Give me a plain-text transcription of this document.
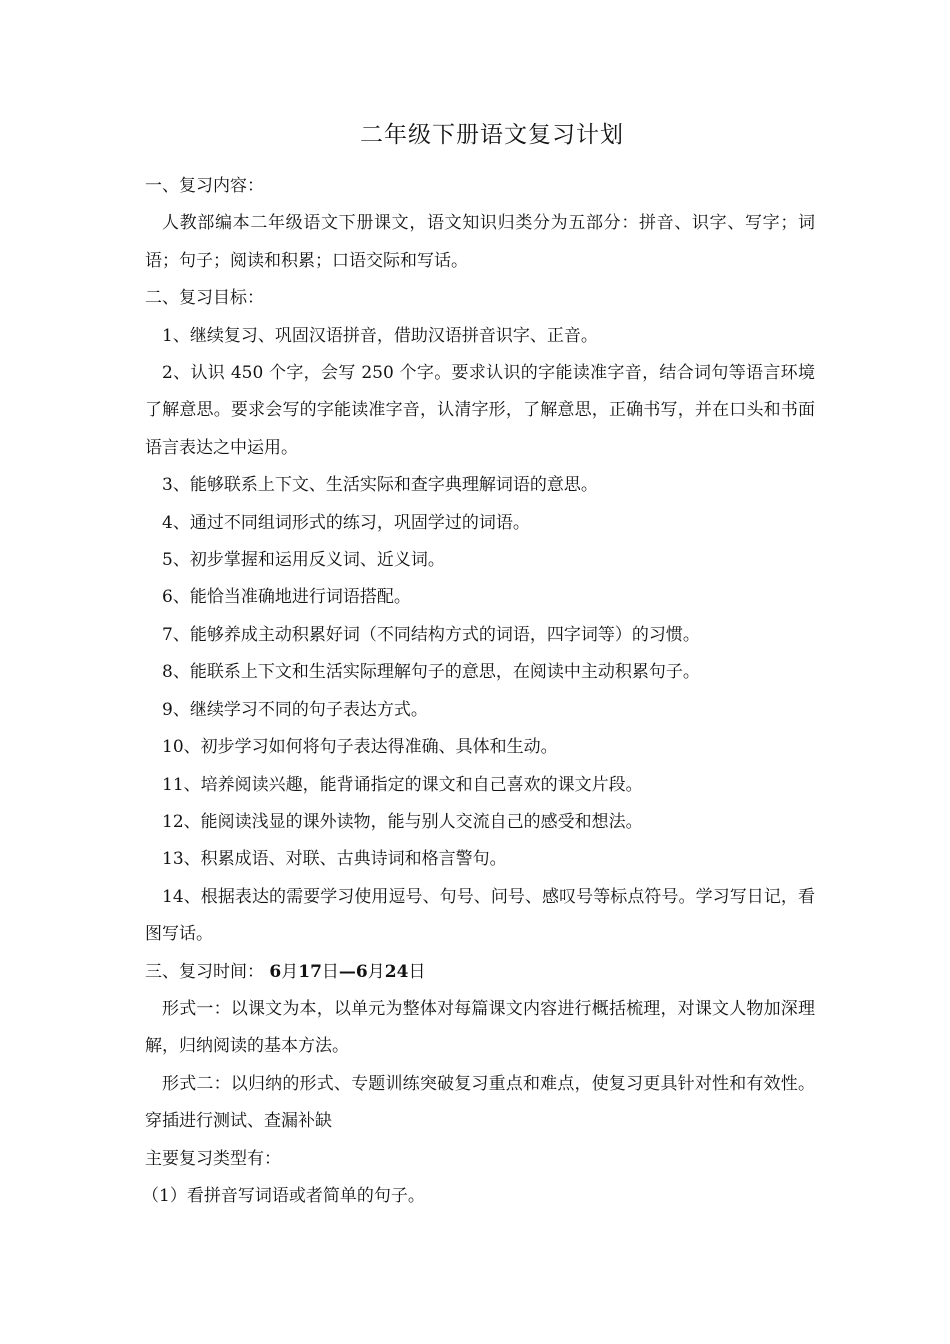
二年级下册语文复习计划

一、复习内容：

人教部编本二年级语文下册课文，语文知识归类分为五部分：拼音、识字、写字；词语；句子；阅读和积累；口语交际和写话。

二、复习目标：

1、继续复习、巩固汉语拼音，借助汉语拼音识字、正音。

2、认识 450 个字，会写 250 个字。要求认识的字能读准字音，结合词句等语言环境了解意思。要求会写的字能读准字音，认清字形，了解意思，正确书写，并在口头和书面语言表达之中运用。

3、能够联系上下文、生活实际和查字典理解词语的意思。

4、通过不同组词形式的练习，巩固学过的词语。

5、初步掌握和运用反义词、近义词。

6、能恰当准确地进行词语搭配。

7、能够养成主动积累好词（不同结构方式的词语，四字词等）的习惯。

8、能联系上下文和生活实际理解句子的意思，在阅读中主动积累句子。

9、继续学习不同的句子表达方式。

10、初步学习如何将句子表达得准确、具体和生动。

11、培养阅读兴趣，能背诵指定的课文和自己喜欢的课文片段。

12、能阅读浅显的课外读物，能与别人交流自己的感受和想法。

13、积累成语、对联、古典诗词和格言警句。

14、根据表达的需要学习使用逗号、句号、问号、感叹号等标点符号。学习写日记，看图写话。

三、复习时间： 6月17日—6月24日

形式一：以课文为本，以单元为整体对每篇课文内容进行概括梳理，对课文人物加深理解，归纳阅读的基本方法。

形式二：以归纳的形式、专题训练突破复习重点和难点，使复习更具针对性和有效性。穿插进行测试、查漏补缺

主要复习类型有：

（1）看拼音写词语或者简单的句子。
